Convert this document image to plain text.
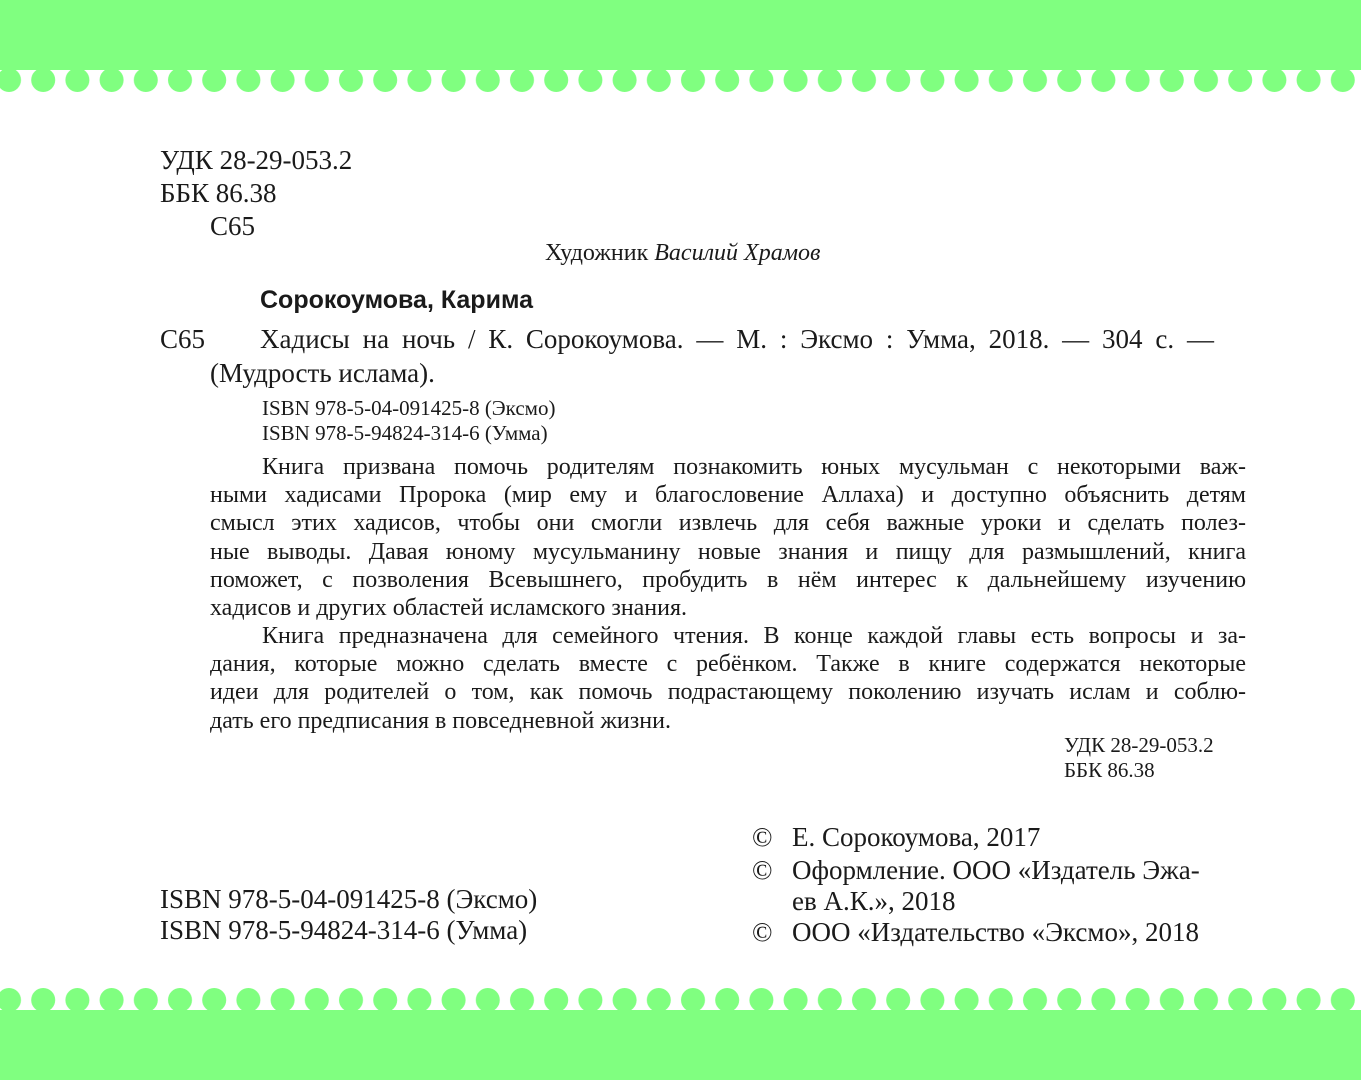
УДК 28-29-053.2
ББК 86.38
С65
Художник Василий Храмов
Сорокоумова, Карима
С65 Хадисы на ночь / К. Сорокоумова. — М. : Эксмо : Умма, 2018. — 304 с. —
(Мудрость ислама).
ISBN 978-5-04-091425-8 (Эксмо)
ISBN 978-5-94824-314-6 (Умма)
Книга призвана помочь родителям познакомить юных мусульман с некоторыми важ-
ными хадисами Пророка (мир ему и благословение Аллаха) и доступно объяснить детям
смысл этих хадисов, чтобы они смогли извлечь для себя важные уроки и сделать полез-
ные выводы. Давая юному мусульманину новые знания и пищу для размышлений, книга
поможет, с позволения Всевышнего, пробудить в нём интерес к дальнейшему изучению
хадисов и других областей исламского знания.
Книга предназначена для семейного чтения. В конце каждой главы есть вопросы и за-
дания, которые можно сделать вместе с ребёнком. Также в книге содержатся некоторые
идеи для родителей о том, как помочь подрастающему поколению изучать ислам и соблю-
дать его предписания в повседневной жизни.
УДК 28-29-053.2
ББК 86.38
ISBN 978-5-04-091425-8 (Эксмо)
ISBN 978-5-94824-314-6 (Умма)
© Е. Сорокоумова, 2017
© Оформление. ООО «Издатель Эжа-
ев А.К.», 2018
© ООО «Издательство «Эксмо», 2018
